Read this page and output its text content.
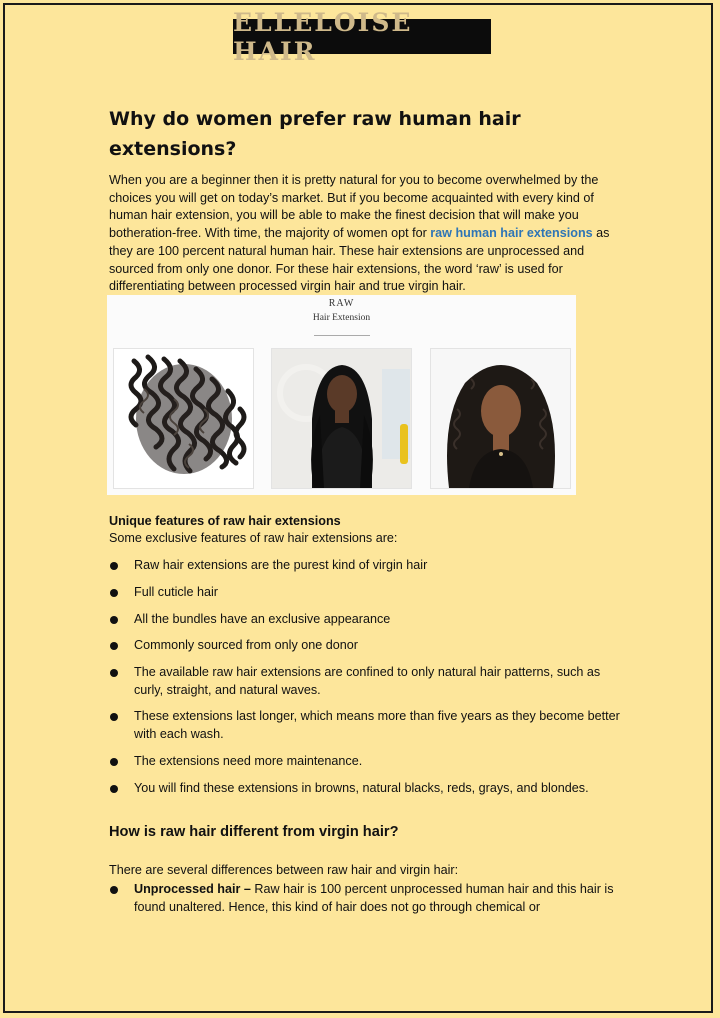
ELLELOISE HAIR
Why do women prefer raw human hair extensions?

When you are a beginner then it is pretty natural for you to become overwhelmed by the choices you will get on today’s market. But if you become acquainted with every kind of human hair extension, you will be able to make the finest decision that will make you botheration-free. With time, the majority of women opt for raw human hair extensions as they are 100 percent natural human hair. These hair extensions are unprocessed and sourced from only one donor. For these hair extensions, the word ‘raw’ is used for differentiating between processed virgin hair and true virgin hair.

RAW
Hair Extension
Unique features of raw hair extensions
Some exclusive features of raw hair extensions are:
Raw hair extensions are the purest kind of virgin hair
Full cuticle hair
All the bundles have an exclusive appearance
Commonly sourced from only one donor
The available raw hair extensions are confined to only natural hair patterns, such as curly, straight, and natural waves.
These extensions last longer, which means more than five years as they become better with each wash.
The extensions need more maintenance.
You will find these extensions in browns, natural blacks, reds, grays, and blondes.
How is raw hair different from virgin hair?
There are several differences between raw hair and virgin hair:
Unprocessed hair – Raw hair is 100 percent unprocessed human hair and this hair is found unaltered. Hence, this kind of hair does not go through chemical or
